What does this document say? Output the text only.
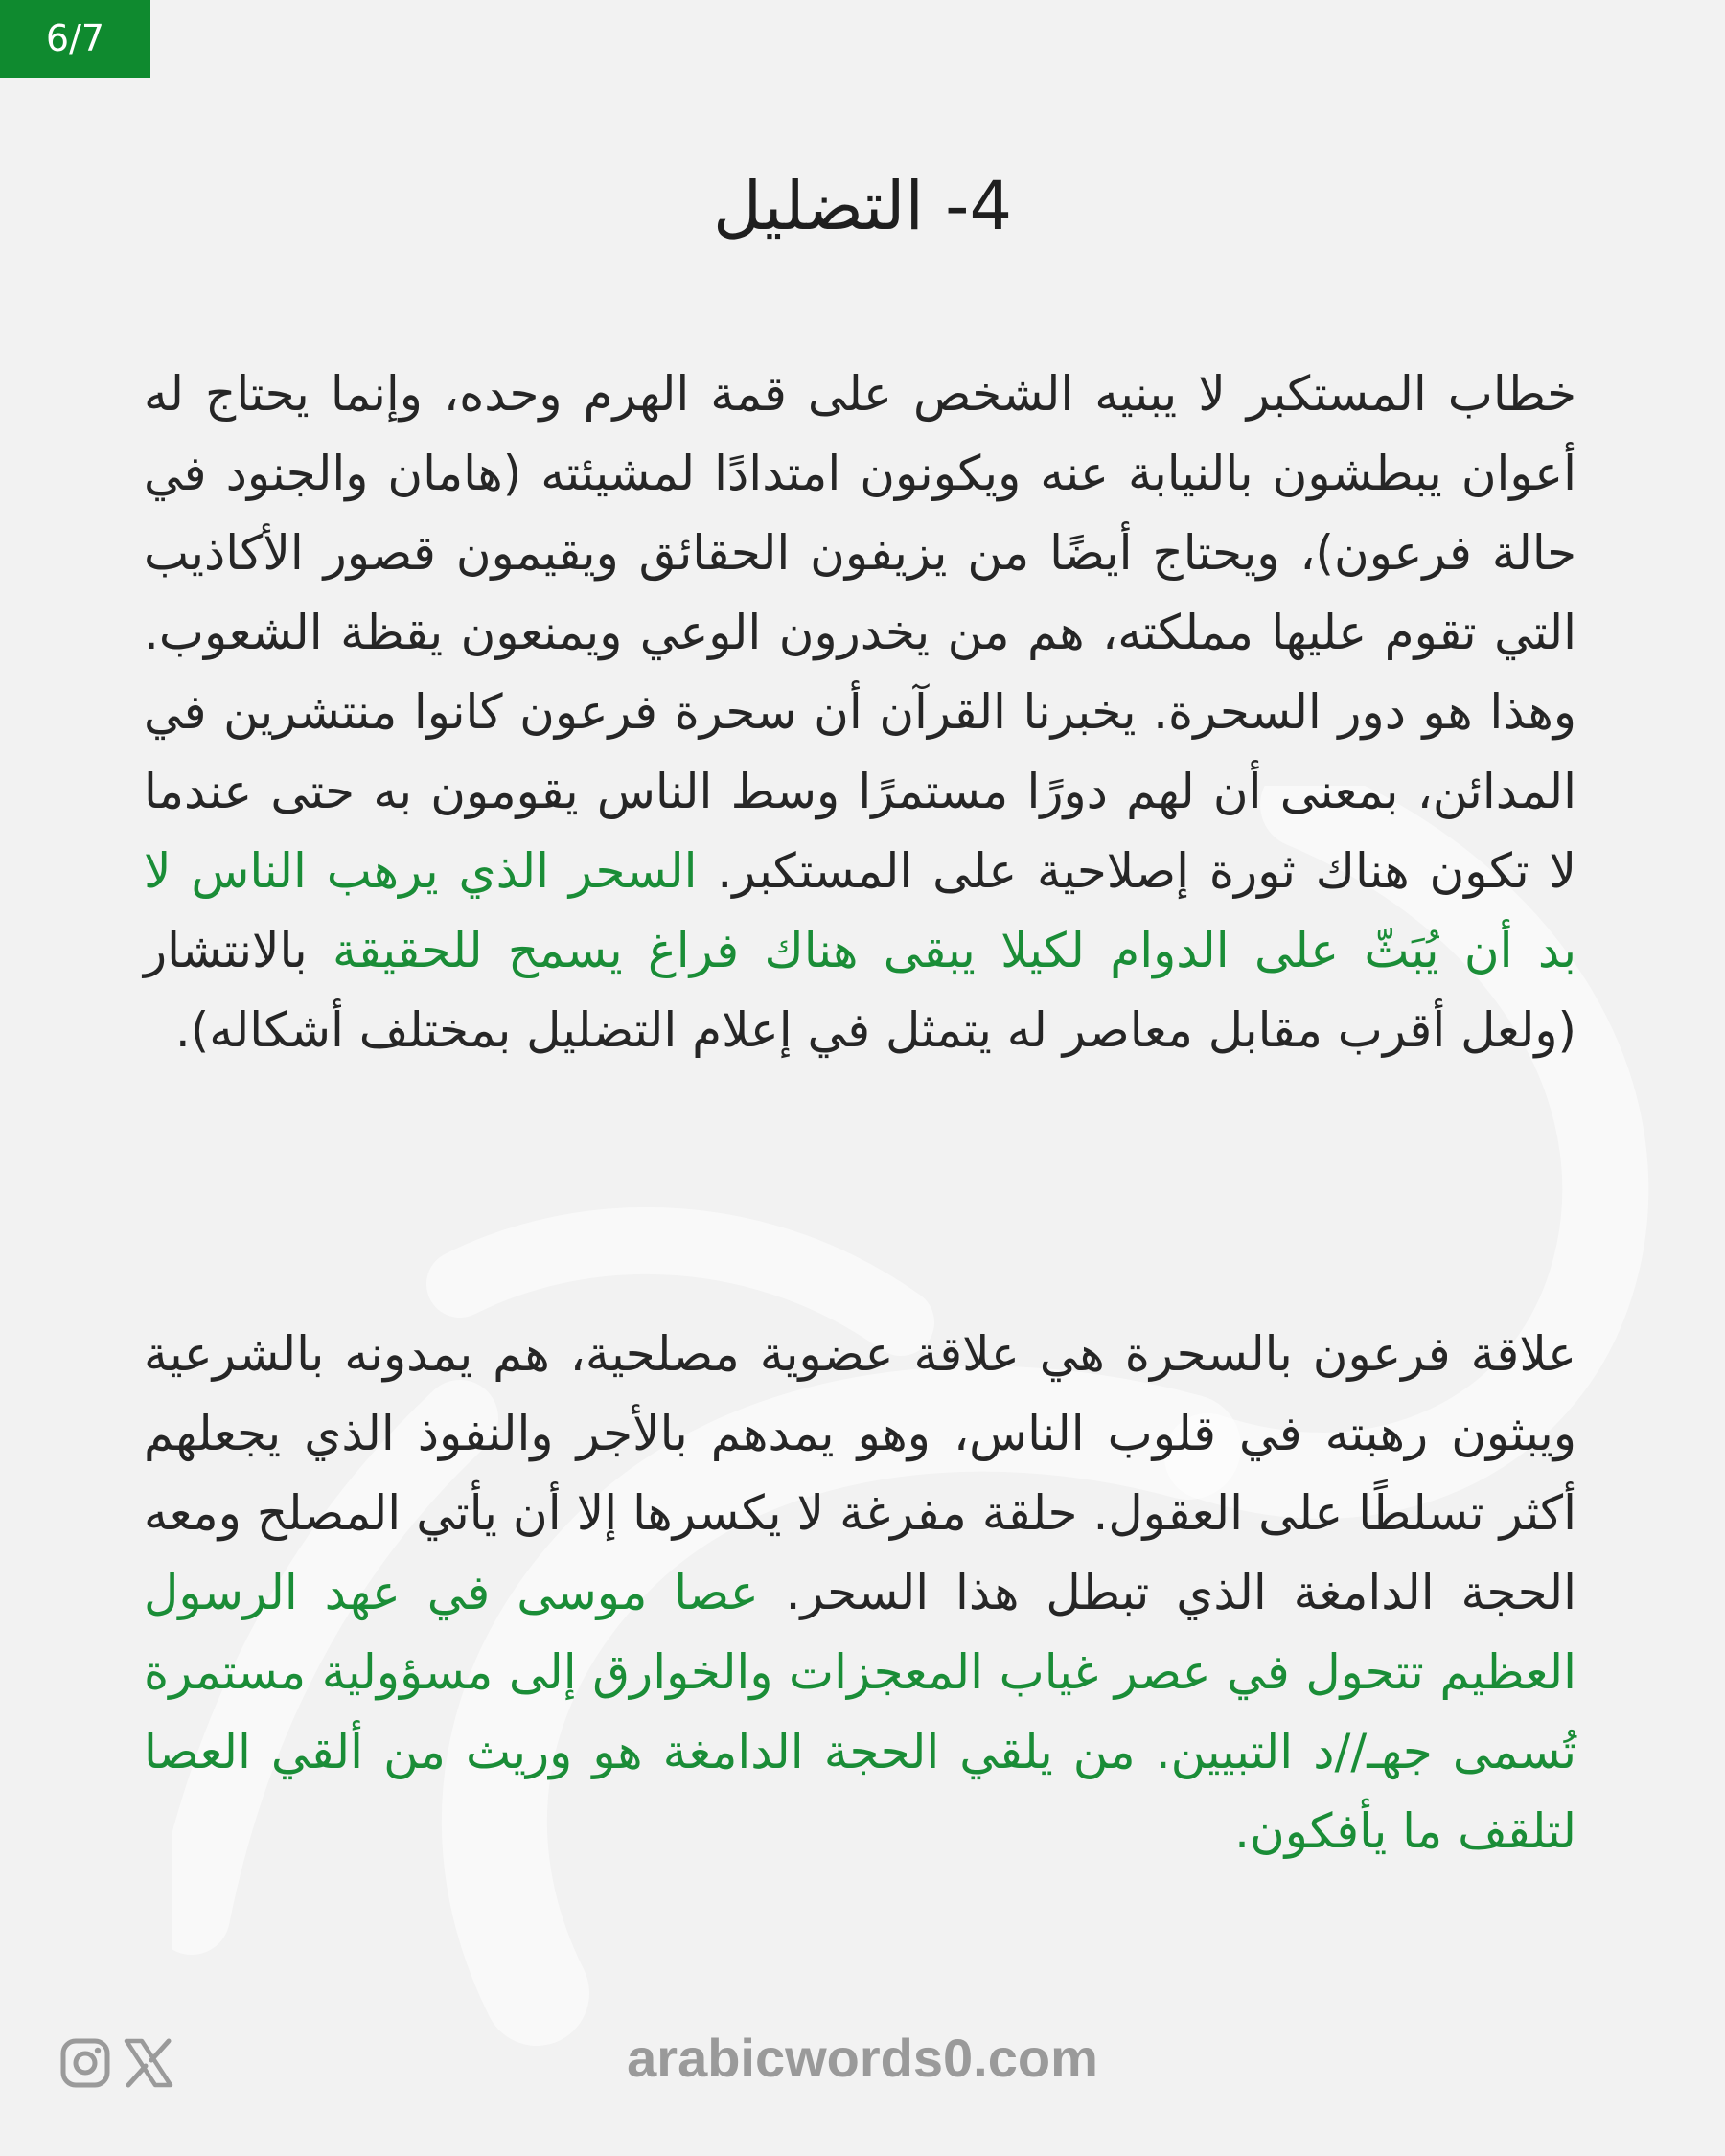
6/7
4- التضليل

خطاب المستكبر لا يبنيه الشخص على قمة الهرم وحده، وإنما يحتاج له أعوان يبطشون بالنيابة عنه ويكونون امتدادًا لمشيئته (هامان والجنود في حالة فرعون)، ويحتاج أيضًا من يزيفون الحقائق ويقيمون قصور الأكاذيب التي تقوم عليها مملكته، هم من يخدرون الوعي ويمنعون يقظة الشعوب. وهذا هو دور السحرة. يخبرنا القرآن أن سحرة فرعون كانوا منتشرين في المدائن، بمعنى أن لهم دورًا مستمرًا وسط الناس يقومون به حتى عندما لا تكون هناك ثورة إصلاحية على المستكبر. السحر الذي يرهب الناس لا بد أن يُبَثّ على الدوام لكيلا يبقى هناك فراغ يسمح للحقيقة بالانتشار (ولعل أقرب مقابل معاصر له يتمثل في إعلام التضليل بمختلف أشكاله).

علاقة فرعون بالسحرة هي علاقة عضوية مصلحية، هم يمدونه بالشرعية ويبثون رهبته في قلوب الناس، وهو يمدهم بالأجر والنفوذ الذي يجعلهم أكثر تسلطًا على العقول. حلقة مفرغة لا يكسرها إلا أن يأتي المصلح ومعه الحجة الدامغة الذي تبطل هذا السحر. عصا موسى في عهد الرسول العظيم تتحول في عصر غياب المعجزات والخوارق إلى مسؤولية مستمرة تُسمى جهـ//د التبيين. من يلقي الحجة الدامغة هو وريث من ألقي العصا لتلقف ما يأفكون.

arabicwords0.com
